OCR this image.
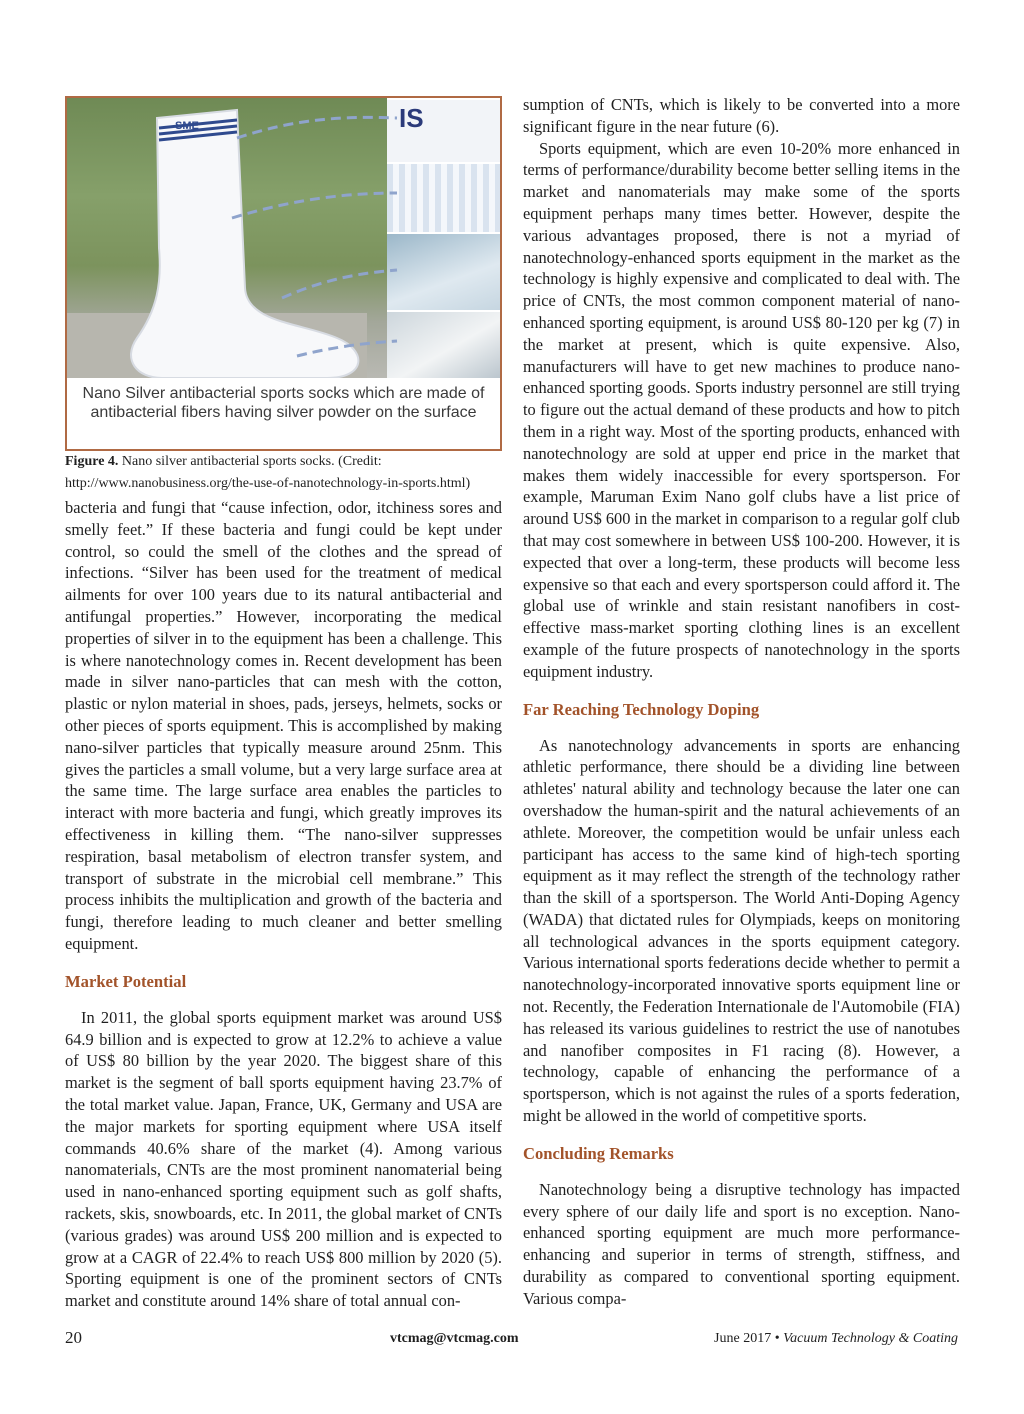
IS
SME
Nano Silver antibacterial sports socks which are made of antibacterial fibers having silver powder on the surface

Figure 4. Nano silver antibacterial sports socks. (Credit: http://www.nanobusiness.org/the-use-of-nanotechnology-in-sports.html)

bacteria and fungi that “cause infection, odor, itchiness sores and smelly feet.” If these bacteria and fungi could be kept under control, so could the smell of the clothes and the spread of infections. “Silver has been used for the treatment of medical ailments for over 100 years due to its natural antibacterial and antifungal properties.” However, incorporating the medical properties of silver in to the equipment has been a challenge. This is where nanotechnology comes in. Recent development has been made in silver nano-particles that can mesh with the cotton, plastic or nylon material in shoes, pads, jerseys, helmets, socks or other pieces of sports equipment. This is accomplished by making nano-silver particles that typically measure around 25nm. This gives the particles a small volume, but a very large surface area at the same time. The large surface area enables the particles to interact with more bacteria and fungi, which greatly improves its effectiveness in killing them. “The nano-silver suppresses respiration, basal metabolism of electron transfer system, and transport of substrate in the microbial cell membrane.” This process inhibits the multiplication and growth of the bacteria and fungi, therefore leading to much cleaner and better smelling equipment.

Market Potential

In 2011, the global sports equipment market was around US$ 64.9 billion and is expected to grow at 12.2% to achieve a value of US$ 80 billion by the year 2020. The biggest share of this market is the segment of ball sports equipment having 23.7% of the total market value. Japan, France, UK, Germany and USA are the major markets for sporting equipment where USA itself commands 40.6% share of the market (4). Among various nanomaterials, CNTs are the most prominent nanomaterial being used in nano-enhanced sporting equipment such as golf shafts, rackets, skis, snowboards, etc. In 2011, the global market of CNTs (various grades) was around US$ 200 million and is expected to grow at a CAGR of 22.4% to reach US$ 800 million by 2020 (5). Sporting equipment is one of the prominent sectors of CNTs market and constitute around 14% share of total annual con-

sumption of CNTs, which is likely to be converted into a more significant figure in the near future (6).

Sports equipment, which are even 10-20% more enhanced in terms of performance/durability become better selling items in the market and nanomaterials may make some of the sports equipment perhaps many times better. However, despite the various advantages proposed, there is not a myriad of nanotechnology-enhanced sports equipment in the market as the technology is highly expensive and complicated to deal with. The price of CNTs, the most common component material of nano-enhanced sporting equipment, is around US$ 80-120 per kg (7) in the market at present, which is quite expensive. Also, manufacturers will have to get new machines to produce nano-enhanced sporting goods. Sports industry personnel are still trying to figure out the actual demand of these products and how to pitch them in a right way. Most of the sporting products, enhanced with nanotechnology are sold at upper end price in the market that makes them widely inaccessible for every sportsperson. For example, Maruman Exim Nano golf clubs have a list price of around US$ 600 in the market in comparison to a regular golf club that may cost somewhere in between US$ 100-200. However, it is expected that over a long-term, these products will become less expensive so that each and every sportsperson could afford it. The global use of wrinkle and stain resistant nanofibers in cost-effective mass-market sporting clothing lines is an excellent example of the future prospects of nanotechnology in the sports equipment industry.

Far Reaching Technology Doping

As nanotechnology advancements in sports are enhancing athletic performance, there should be a dividing line between athletes' natural ability and technology because the later one can overshadow the human-spirit and the natural achievements of an athlete. Moreover, the competition would be unfair unless each participant has access to the same kind of high-tech sporting equipment as it may reflect the strength of the technology rather than the skill of a sportsperson. The World Anti-Doping Agency (WADA) that dictated rules for Olympiads, keeps on monitoring all technological advances in the sports equipment category. Various international sports federations decide whether to permit a nanotechnology-incorporated innovative sports equipment line or not. Recently, the Federation Internationale de l'Automobile (FIA) has released its various guidelines to restrict the use of nanotubes and nanofiber composites in F1 racing (8). However, a technology, capable of enhancing the performance of a sportsperson, which is not against the rules of a sports federation, might be allowed in the world of competitive sports.

Concluding Remarks

Nanotechnology being a disruptive technology has impacted every sphere of our daily life and sport is no exception. Nano-enhanced sporting equipment are much more performance-enhancing and superior in terms of strength, stiffness, and durability as compared to conventional sporting equipment. Various compa-

20	vtcmag@vtcmag.com	June 2017 • Vacuum Technology & Coating
